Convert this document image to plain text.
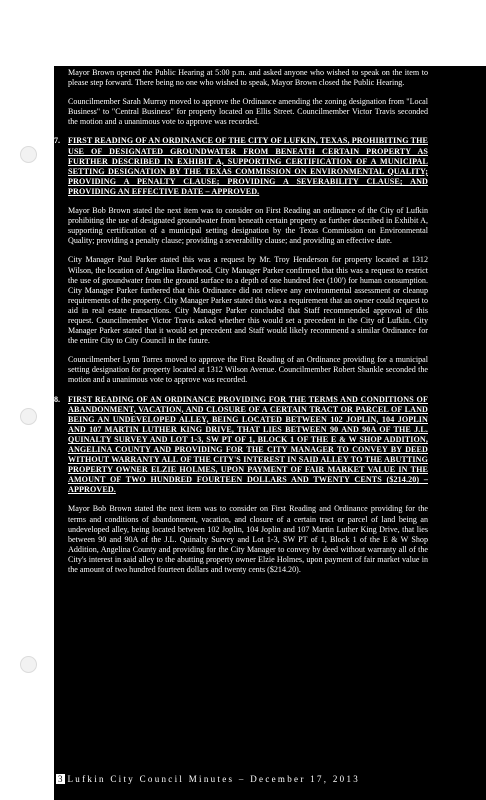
Mayor Brown opened the Public Hearing at 5:00 p.m. and asked anyone who wished to speak on the item to please step forward. There being no one who wished to speak, Mayor Brown closed the Public Hearing.

Councilmember Sarah Murray moved to approve the Ordinance amending the zoning designation from "Local Business" to "Central Business" for property located on Ellis Street. Councilmember Victor Travis seconded the motion and a unanimous vote to approve was recorded.

7. FIRST READING OF AN ORDINANCE OF THE CITY OF LUFKIN, TEXAS, PROHIBITING THE USE OF DESIGNATED GROUNDWATER FROM BENEATH CERTAIN PROPERTY AS FURTHER DESCRIBED IN EXHIBIT A, SUPPORTING CERTIFICATION OF A MUNICIPAL SETTING DESIGNATION BY THE TEXAS COMMISSION ON ENVIRONMENTAL QUALITY; PROVIDING A PENALTY CLAUSE; PROVIDING A SEVERABILITY CLAUSE; AND PROVIDING AN EFFECTIVE DATE – APPROVED.

Mayor Bob Brown stated the next item was to consider on First Reading an ordinance of the City of Lufkin prohibiting the use of designated groundwater from beneath certain property as further described in Exhibit A, supporting certification of a municipal setting designation by the Texas Commission on Environmental Quality; providing a penalty clause; providing a severability clause; and providing an effective date.

City Manager Paul Parker stated this was a request by Mr. Troy Henderson for property located at 1312 Wilson, the location of Angelina Hardwood. City Manager Parker confirmed that this was a request to restrict the use of groundwater from the ground surface to a depth of one hundred feet (100') for human consumption. City Manager Parker furthered that this Ordinance did not relieve any environmental assessment or cleanup requirements of the property. City Manager Parker stated this was a requirement that an owner could request to aid in real estate transactions. City Manager Parker concluded that Staff recommended approval of this request. Councilmember Victor Travis asked whether this would set a precedent in the City of Lufkin. City Manager Parker stated that it would set precedent and Staff would likely recommend a similar Ordinance for the entire City to City Council in the future.

Councilmember Lynn Torres moved to approve the First Reading of an Ordinance providing for a municipal setting designation for property located at 1312 Wilson Avenue. Councilmember Robert Shankle seconded the motion and a unanimous vote to approve was recorded.

8. FIRST READING OF AN ORDINANCE PROVIDING FOR THE TERMS AND CONDITIONS OF ABANDONMENT, VACATION, AND CLOSURE OF A CERTAIN TRACT OR PARCEL OF LAND BEING AN UNDEVELOPED ALLEY, BEING LOCATED BETWEEN 102 JOPLIN, 104 JOPLIN AND 107 MARTIN LUTHER KING DRIVE, THAT LIES BETWEEN 90 AND 90A OF THE J.L. QUINALTY SURVEY AND LOT 1-3, SW PT OF 1, BLOCK 1 OF THE E & W SHOP ADDITION, ANGELINA COUNTY AND PROVIDING FOR THE CITY MANAGER TO CONVEY BY DEED WITHOUT WARRANTY ALL OF THE CITY'S INTEREST IN SAID ALLEY TO THE ABUTTING PROPERTY OWNER ELZIE HOLMES, UPON PAYMENT OF FAIR MARKET VALUE IN THE AMOUNT OF TWO HUNDRED FOURTEEN DOLLARS AND TWENTY CENTS ($214.20) – APPROVED.

Mayor Bob Brown stated the next item was to consider on First Reading and Ordinance providing for the terms and conditions of abandonment, vacation, and closure of a certain tract or parcel of land being an undeveloped alley, being located between 102 Joplin, 104 Joplin and 107 Martin Luther King Drive, that lies between 90 and 90A of the J.L. Quinalty Survey and Lot 1-3, SW PT of 1, Block 1 of the E & W Shop Addition, Angelina County and providing for the City Manager to convey by deed without warranty all of the City's interest in said alley to the abutting property owner Elzie Holmes, upon payment of fair market value in the amount of two hundred fourteen dollars and twenty cents ($214.20).

3 Lufkin City Council Minutes – December 17, 2013
